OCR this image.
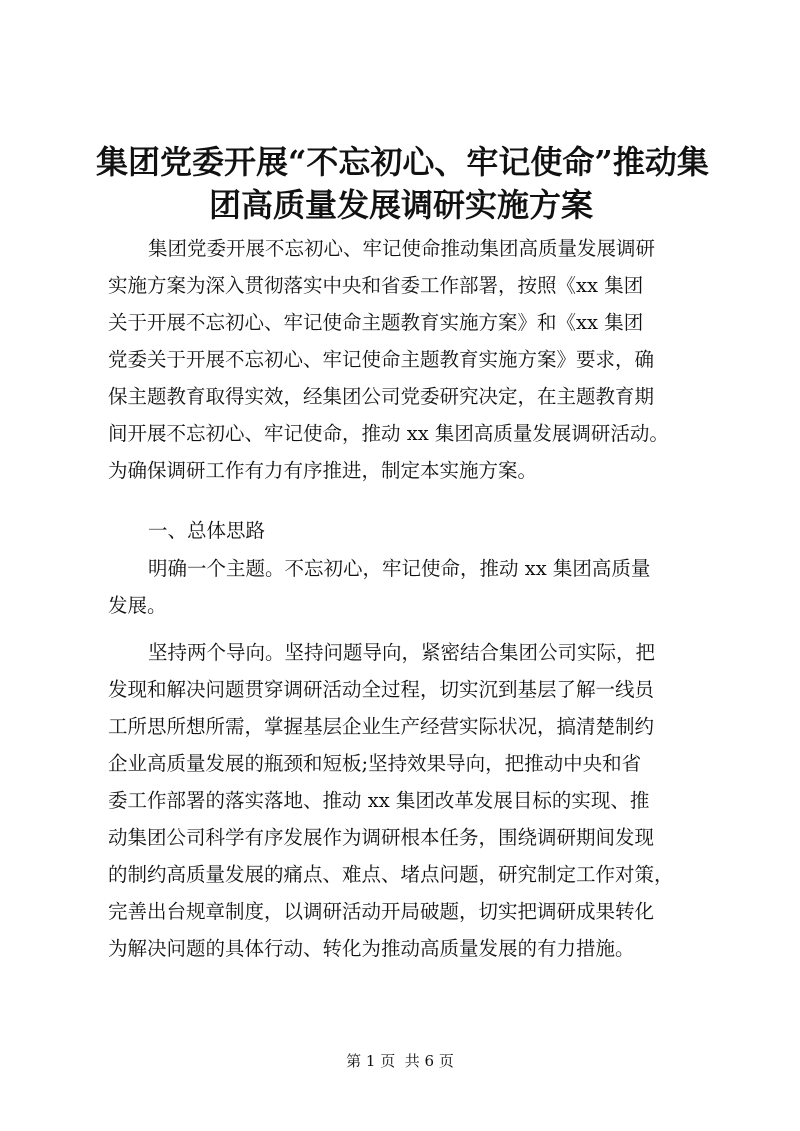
集团党委开展“不忘初心、牢记使命”推动集
团高质量发展调研实施方案
集团党委开展不忘初心、牢记使命推动集团高质量发展调研
实施方案为深入贯彻落实中央和省委工作部署，按照《xx 集团
关于开展不忘初心、牢记使命主题教育实施方案》和《xx 集团
党委关于开展不忘初心、牢记使命主题教育实施方案》要求，确
保主题教育取得实效，经集团公司党委研究决定，在主题教育期
间开展不忘初心、牢记使命，推动 xx 集团高质量发展调研活动。
为确保调研工作有力有序推进，制定本实施方案。
一、总体思路
明确一个主题。不忘初心，牢记使命，推动 xx 集团高质量
发展。
坚持两个导向。坚持问题导向，紧密结合集团公司实际，把
发现和解决问题贯穿调研活动全过程，切实沉到基层了解一线员
工所思所想所需，掌握基层企业生产经营实际状况，搞清楚制约
企业高质量发展的瓶颈和短板;坚持效果导向，把推动中央和省
委工作部署的落实落地、推动 xx 集团改革发展目标的实现、推
动集团公司科学有序发展作为调研根本任务，围绕调研期间发现
的制约高质量发展的痛点、难点、堵点问题，研究制定工作对策，
完善出台规章制度，以调研活动开局破题，切实把调研成果转化
为解决问题的具体行动、转化为推动高质量发展的有力措施。
第 1 页  共 6 页
